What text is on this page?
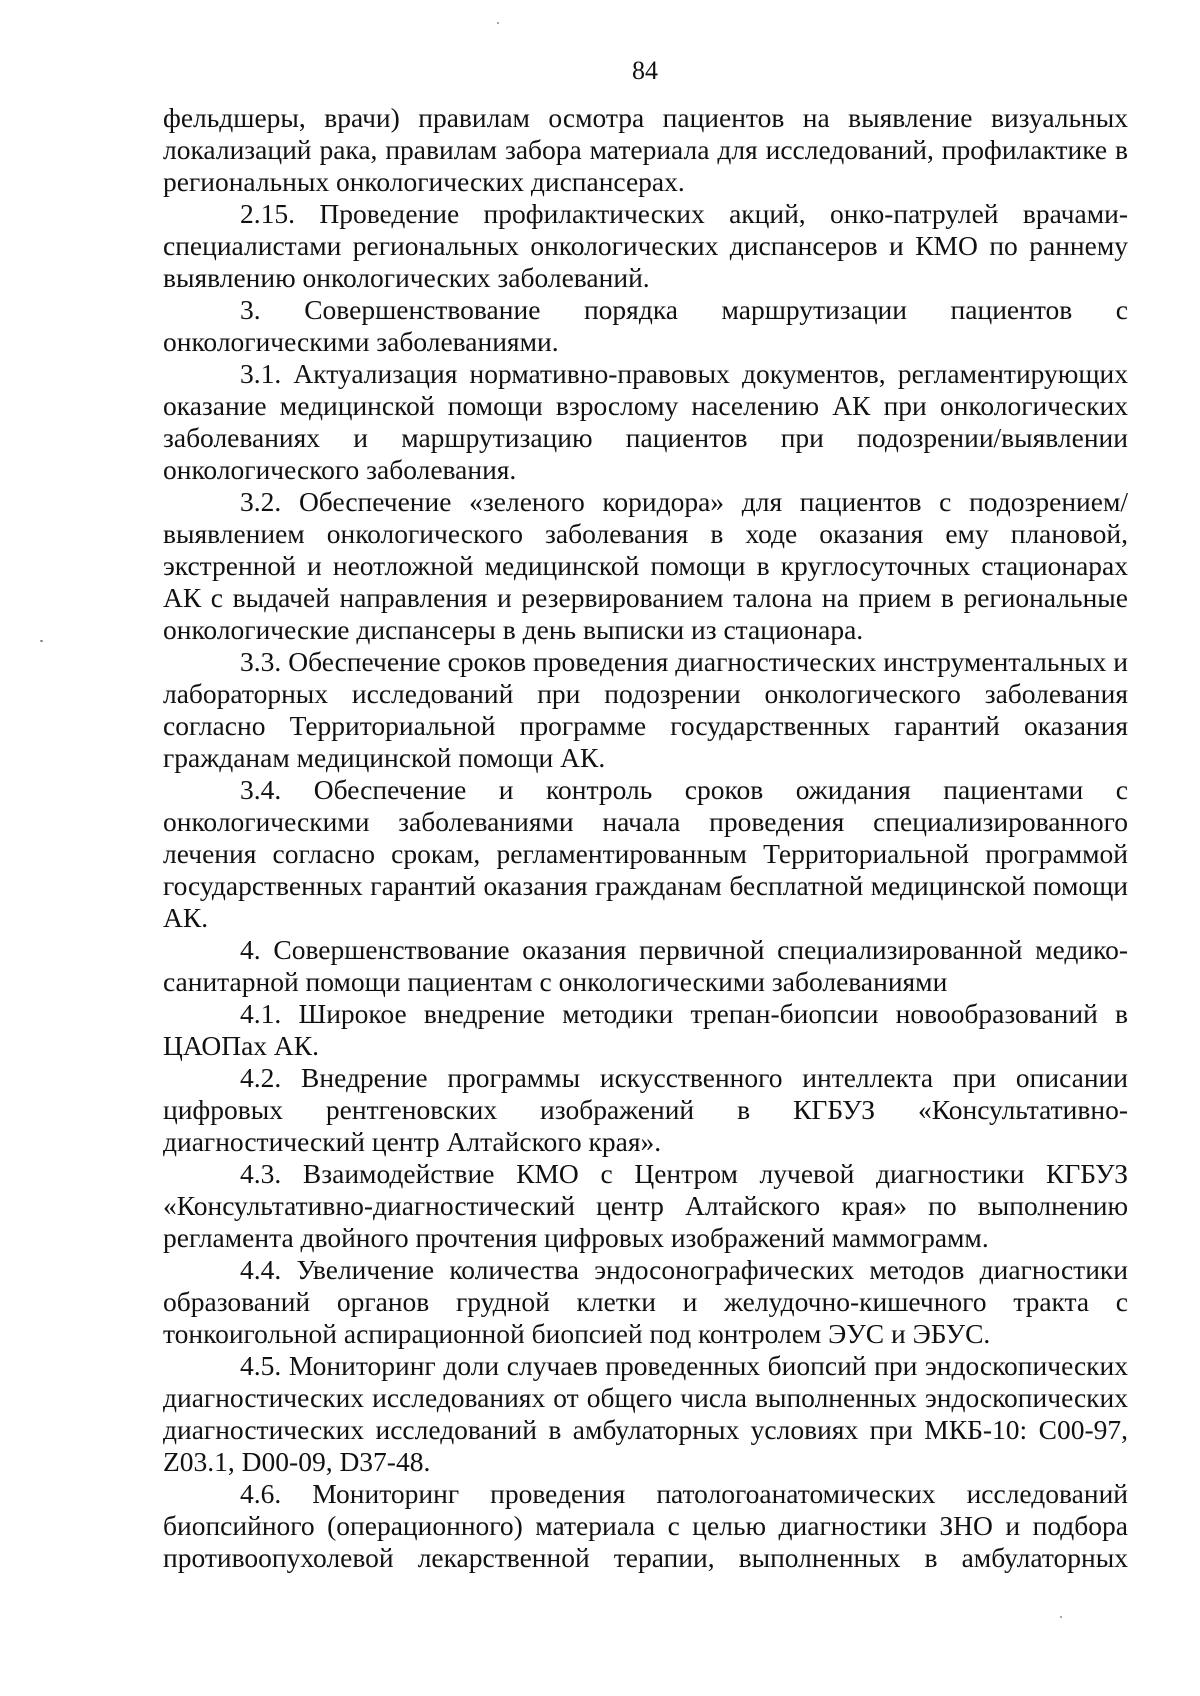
84

фельдшеры, врачи) правилам осмотра пациентов на выявление визуальных локализаций рака, правилам забора материала для исследований, профилактике в региональных онкологических диспансерах.

2.15. Проведение профилактических акций, онко-патрулей врачами-специалистами региональных онкологических диспансеров и КМО по раннему выявлению онкологических заболеваний.

3. Совершенствование порядка маршрутизации пациентов с онкологическими заболеваниями.

3.1. Актуализация нормативно-правовых документов, регламентирующих оказание медицинской помощи взрослому населению АК при онкологических заболеваниях и маршрутизацию пациентов при подозрении/выявлении онкологического заболевания.

3.2. Обеспечение «зеленого коридора» для пациентов с подозрением/выявлением онкологического заболевания в ходе оказания ему плановой, экстренной и неотложной медицинской помощи в круглосуточных стационарах АК с выдачей направления и резервированием талона на прием в региональные онкологические диспансеры в день выписки из стационара.

3.3. Обеспечение сроков проведения диагностических инструментальных и лабораторных исследований при подозрении онкологического заболевания согласно Территориальной программе государственных гарантий оказания гражданам медицинской помощи АК.

3.4. Обеспечение и контроль сроков ожидания пациентами с онкологическими заболеваниями начала проведения специализированного лечения согласно срокам, регламентированным Территориальной программой государственных гарантий оказания гражданам бесплатной медицинской помощи АК.

4. Совершенствование оказания первичной специализированной медико-санитарной помощи пациентам с онкологическими заболеваниями

4.1. Широкое внедрение методики трепан-биопсии новообразований в ЦАОПах АК.

4.2. Внедрение программы искусственного интеллекта при описании цифровых рентгеновских изображений в КГБУЗ «Консультативно-диагностический центр Алтайского края».

4.3. Взаимодействие КМО с Центром лучевой диагностики КГБУЗ «Консультативно-диагностический центр Алтайского края» по выполнению регламента двойного прочтения цифровых изображений маммограмм.

4.4. Увеличение количества эндосонографических методов диагностики образований органов грудной клетки и желудочно-кишечного тракта с тонкоигольной аспирационной биопсией под контролем ЭУС и ЭБУС.

4.5. Мониторинг доли случаев проведенных биопсий при эндоскопических диагностических исследованиях от общего числа выполненных эндоскопических диагностических исследований в амбулаторных условиях при МКБ-10: C00-97, Z03.1, D00-09, D37-48.

4.6. Мониторинг проведения патологоанатомических исследований биопсийного (операционного) материала с целью диагностики ЗНО и подбора противоопухолевой лекарственной терапии, выполненных в амбулаторных
